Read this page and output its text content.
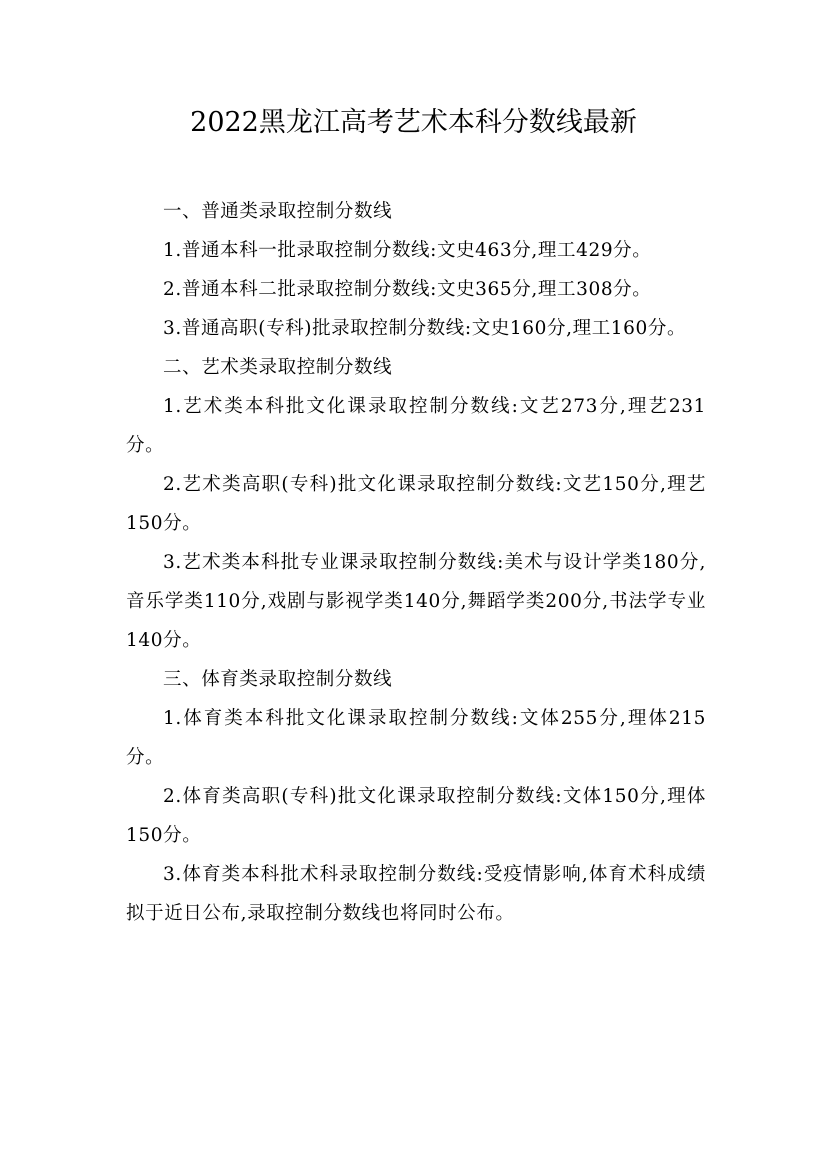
2022黑龙江高考艺术本科分数线最新

一、普通类录取控制分数线

1.普通本科一批录取控制分数线:文史463分,理工429分。

2.普通本科二批录取控制分数线:文史365分,理工308分。

3.普通高职(专科)批录取控制分数线:文史160分,理工160分。

二、艺术类录取控制分数线

1.艺术类本科批文化课录取控制分数线:文艺273分,理艺231分。

2.艺术类高职(专科)批文化课录取控制分数线:文艺150分,理艺150分。

3.艺术类本科批专业课录取控制分数线:美术与设计学类180分,音乐学类110分,戏剧与影视学类140分,舞蹈学类200分,书法学专业140分。

三、体育类录取控制分数线

1.体育类本科批文化课录取控制分数线:文体255分,理体215分。

2.体育类高职(专科)批文化课录取控制分数线:文体150分,理体150分。

3.体育类本科批术科录取控制分数线:受疫情影响,体育术科成绩拟于近日公布,录取控制分数线也将同时公布。
